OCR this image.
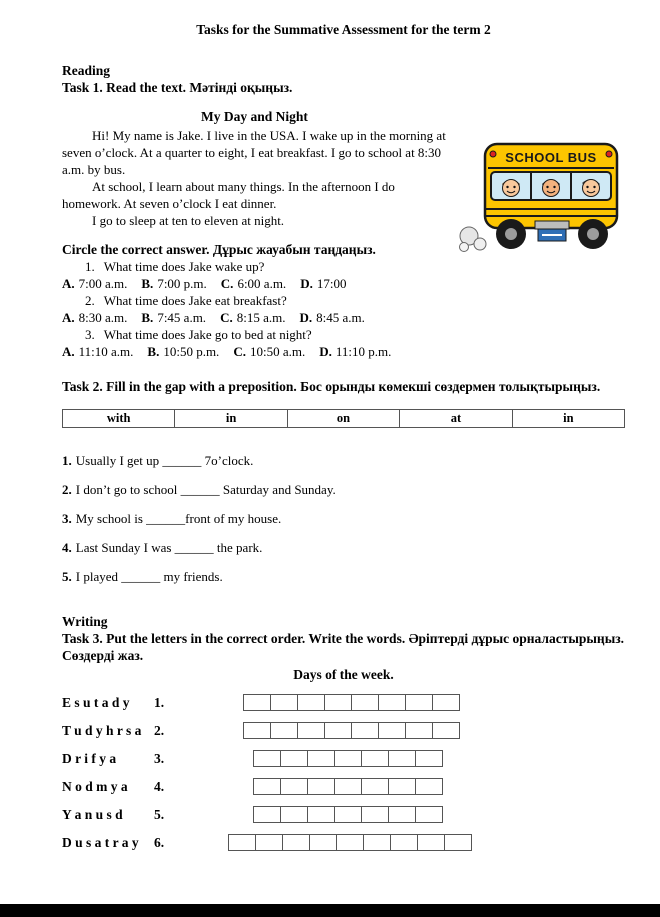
Tasks for the Summative Assessment for the term 2
Reading
Task 1. Read the text. Мәтінді оқыңыз.
SCHOOL BUS
My Day and Night

Hi! My name is Jake. I live in the USA. I wake up in the morning at seven o’clock. At a quarter to eight, I eat breakfast. I go to school at 8:30 a.m. by bus.

At school, I learn about many things. In the afternoon I do homework. At seven o’clock I eat dinner.

I go to sleep at ten to eleven at night.

Circle the correct answer. Дұрыс жауабын таңдаңыз.
1. What time does Jake wake up?
A. 7:00 a.m. B. 7:00 p.m. C. 6:00 a.m. D. 17:00
2. What time does Jake eat breakfast?
A. 8:30 a.m. B. 7:45 a.m. C. 8:15 a.m. D. 8:45 a.m.
3. What time does Jake go to bed at night?
A. 11:10 a.m. B. 10:50 p.m. C. 10:50 a.m. D. 11:10 p.m.
Task 2. Fill in the gap with a preposition. Бос орынды көмекші сөздермен толықтырыңыз.
with	in	on	at	in
1. Usually I get up ______ 7o’clock.
2. I don’t go to school ______ Saturday and Sunday.
3. My school is ______front of my house.
4. Last Sunday I was ______ the park.
5. I played ______ my friends.
Writing
Task 3. Put the letters in the correct order. Write the words. Әріптерді дұрыс орналастырыңыз. Сөздерді жаз.
Days of the week.
E s u t a d y	1.
T u d y h r s a 2.
D r i f y a	3.
N o d m y a	4.
Y a n u s d	5.
D u s a t r a y	6.
